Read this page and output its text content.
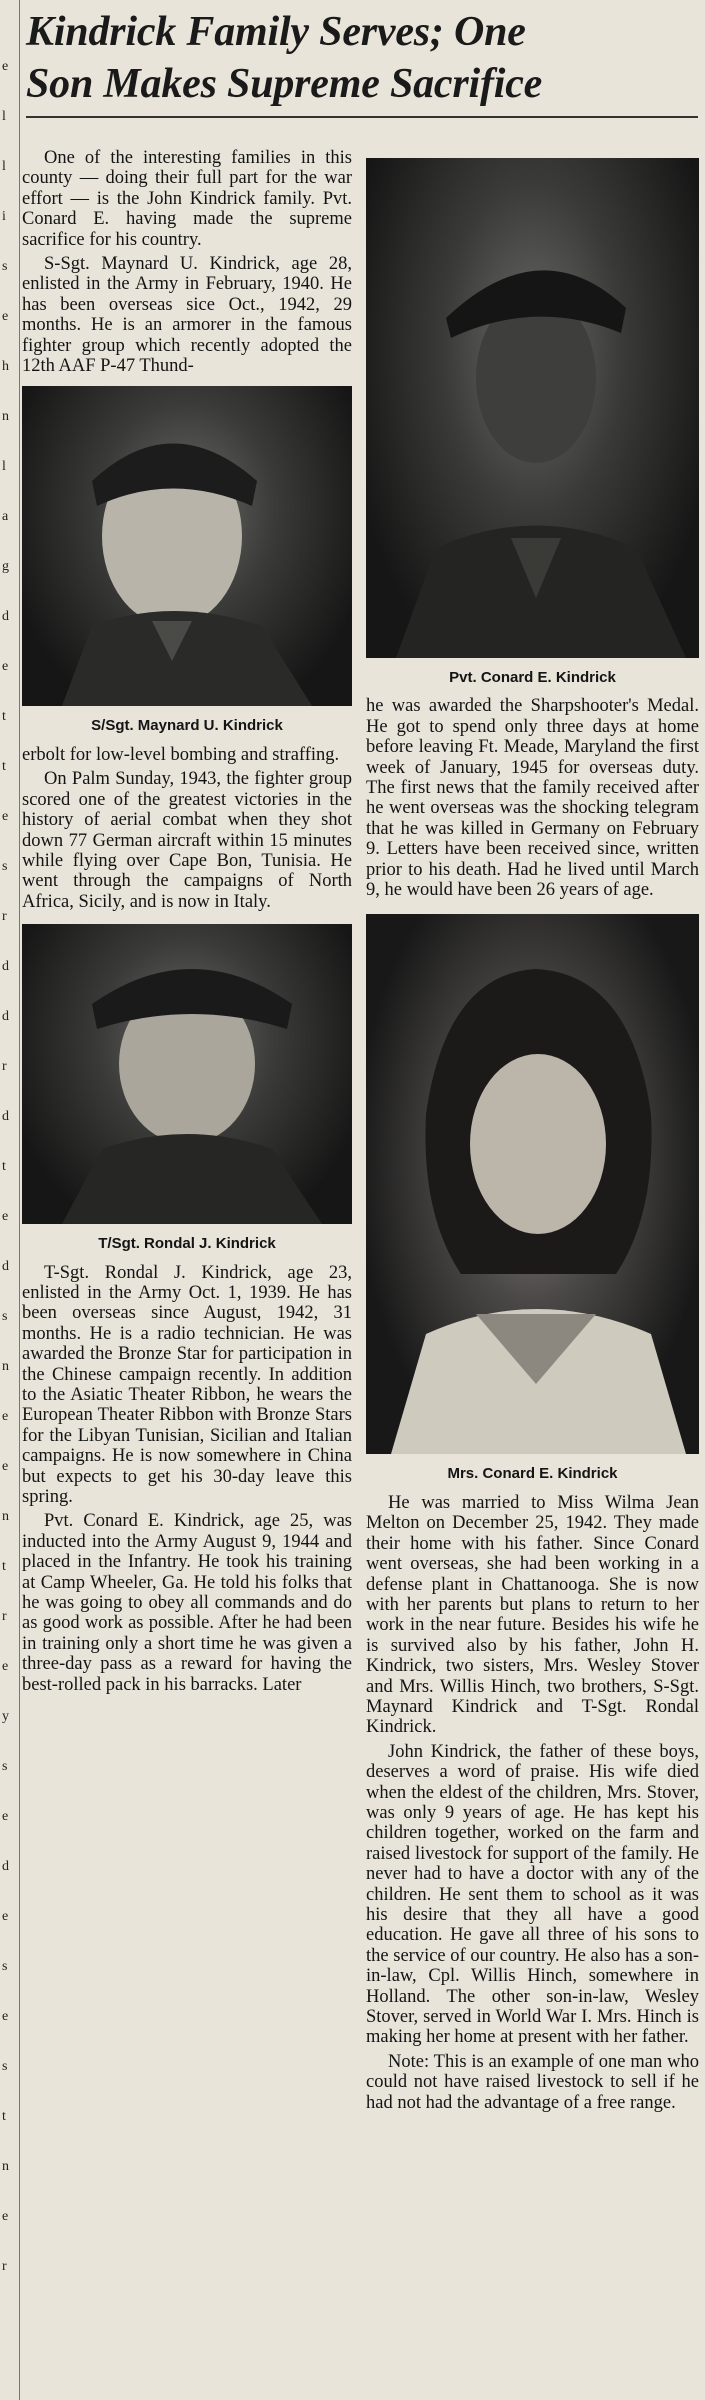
e
l
l
i
s
e
h
n
l
a
g
d
e
t
t
e
s
r
d
d
r
d
t
e
d
s
n
e
e
n
t
r
e
y
s
e
d
e
s
e
s
t
n
e
r
Kindrick Family Serves; One
Son Makes Supreme Sacrifice

One of the interesting families in this county — doing their full part for the war effort — is the John Kindrick family. Pvt. Conard E. having made the supreme sacrifice for his country.

S-Sgt. Maynard U. Kindrick, age 28, enlisted in the Army in February, 1940. He has been overseas sice Oct., 1942, 29 months. He is an armorer in the famous fighter group which recently adopted the 12th AAF P-47 Thund-

S/Sgt. Maynard U. Kindrick

erbolt for low-level bombing and straffing.

On Palm Sunday, 1943, the fighter group scored one of the greatest victories in the history of aerial combat when they shot down 77 German aircraft within 15 minutes while flying over Cape Bon, Tunisia. He went through the campaigns of North Africa, Sicily, and is now in Italy.

T/Sgt. Rondal J. Kindrick

T-Sgt. Rondal J. Kindrick, age 23, enlisted in the Army Oct. 1, 1939. He has been overseas since August, 1942, 31 months. He is a radio technician. He was awarded the Bronze Star for participation in the Chinese campaign recently. In addition to the Asiatic Theater Ribbon, he wears the European Theater Ribbon with Bronze Stars for the Libyan Tunisian, Sicilian and Italian campaigns. He is now somewhere in China but expects to get his 30-day leave this spring.

Pvt. Conard E. Kindrick, age 25, was inducted into the Army August 9, 1944 and placed in the Infantry. He took his training at Camp Wheeler, Ga. He told his folks that he was going to obey all commands and do as good work as possible. After he had been in training only a short time he was given a three-day pass as a reward for having the best-rolled pack in his barracks. Later

Pvt. Conard E. Kindrick

he was awarded the Sharpshooter's Medal. He got to spend only three days at home before leaving Ft. Meade, Maryland the first week of January, 1945 for overseas duty. The first news that the family received after he went overseas was the shocking telegram that he was killed in Germany on February 9. Letters have been received since, written prior to his death. Had he lived until March 9, he would have been 26 years of age.

Mrs. Conard E. Kindrick

He was married to Miss Wilma Jean Melton on December 25, 1942. They made their home with his father. Since Conard went overseas, she had been working in a defense plant in Chattanooga. She is now with her parents but plans to return to her work in the near future. Besides his wife he is survived also by his father, John H. Kindrick, two sisters, Mrs. Wesley Stover and Mrs. Willis Hinch, two brothers, S-Sgt. Maynard Kindrick and T-Sgt. Rondal Kindrick.

John Kindrick, the father of these boys, deserves a word of praise. His wife died when the eldest of the children, Mrs. Stover, was only 9 years of age. He has kept his children together, worked on the farm and raised livestock for support of the family. He never had to have a doctor with any of the children. He sent them to school as it was his desire that they all have a good education. He gave all three of his sons to the service of our country. He also has a son-in-law, Cpl. Willis Hinch, somewhere in Holland. The other son-in-law, Wesley Stover, served in World War I. Mrs. Hinch is making her home at present with her father.

Note: This is an example of one man who could not have raised livestock to sell if he had not had the advantage of a free range.
